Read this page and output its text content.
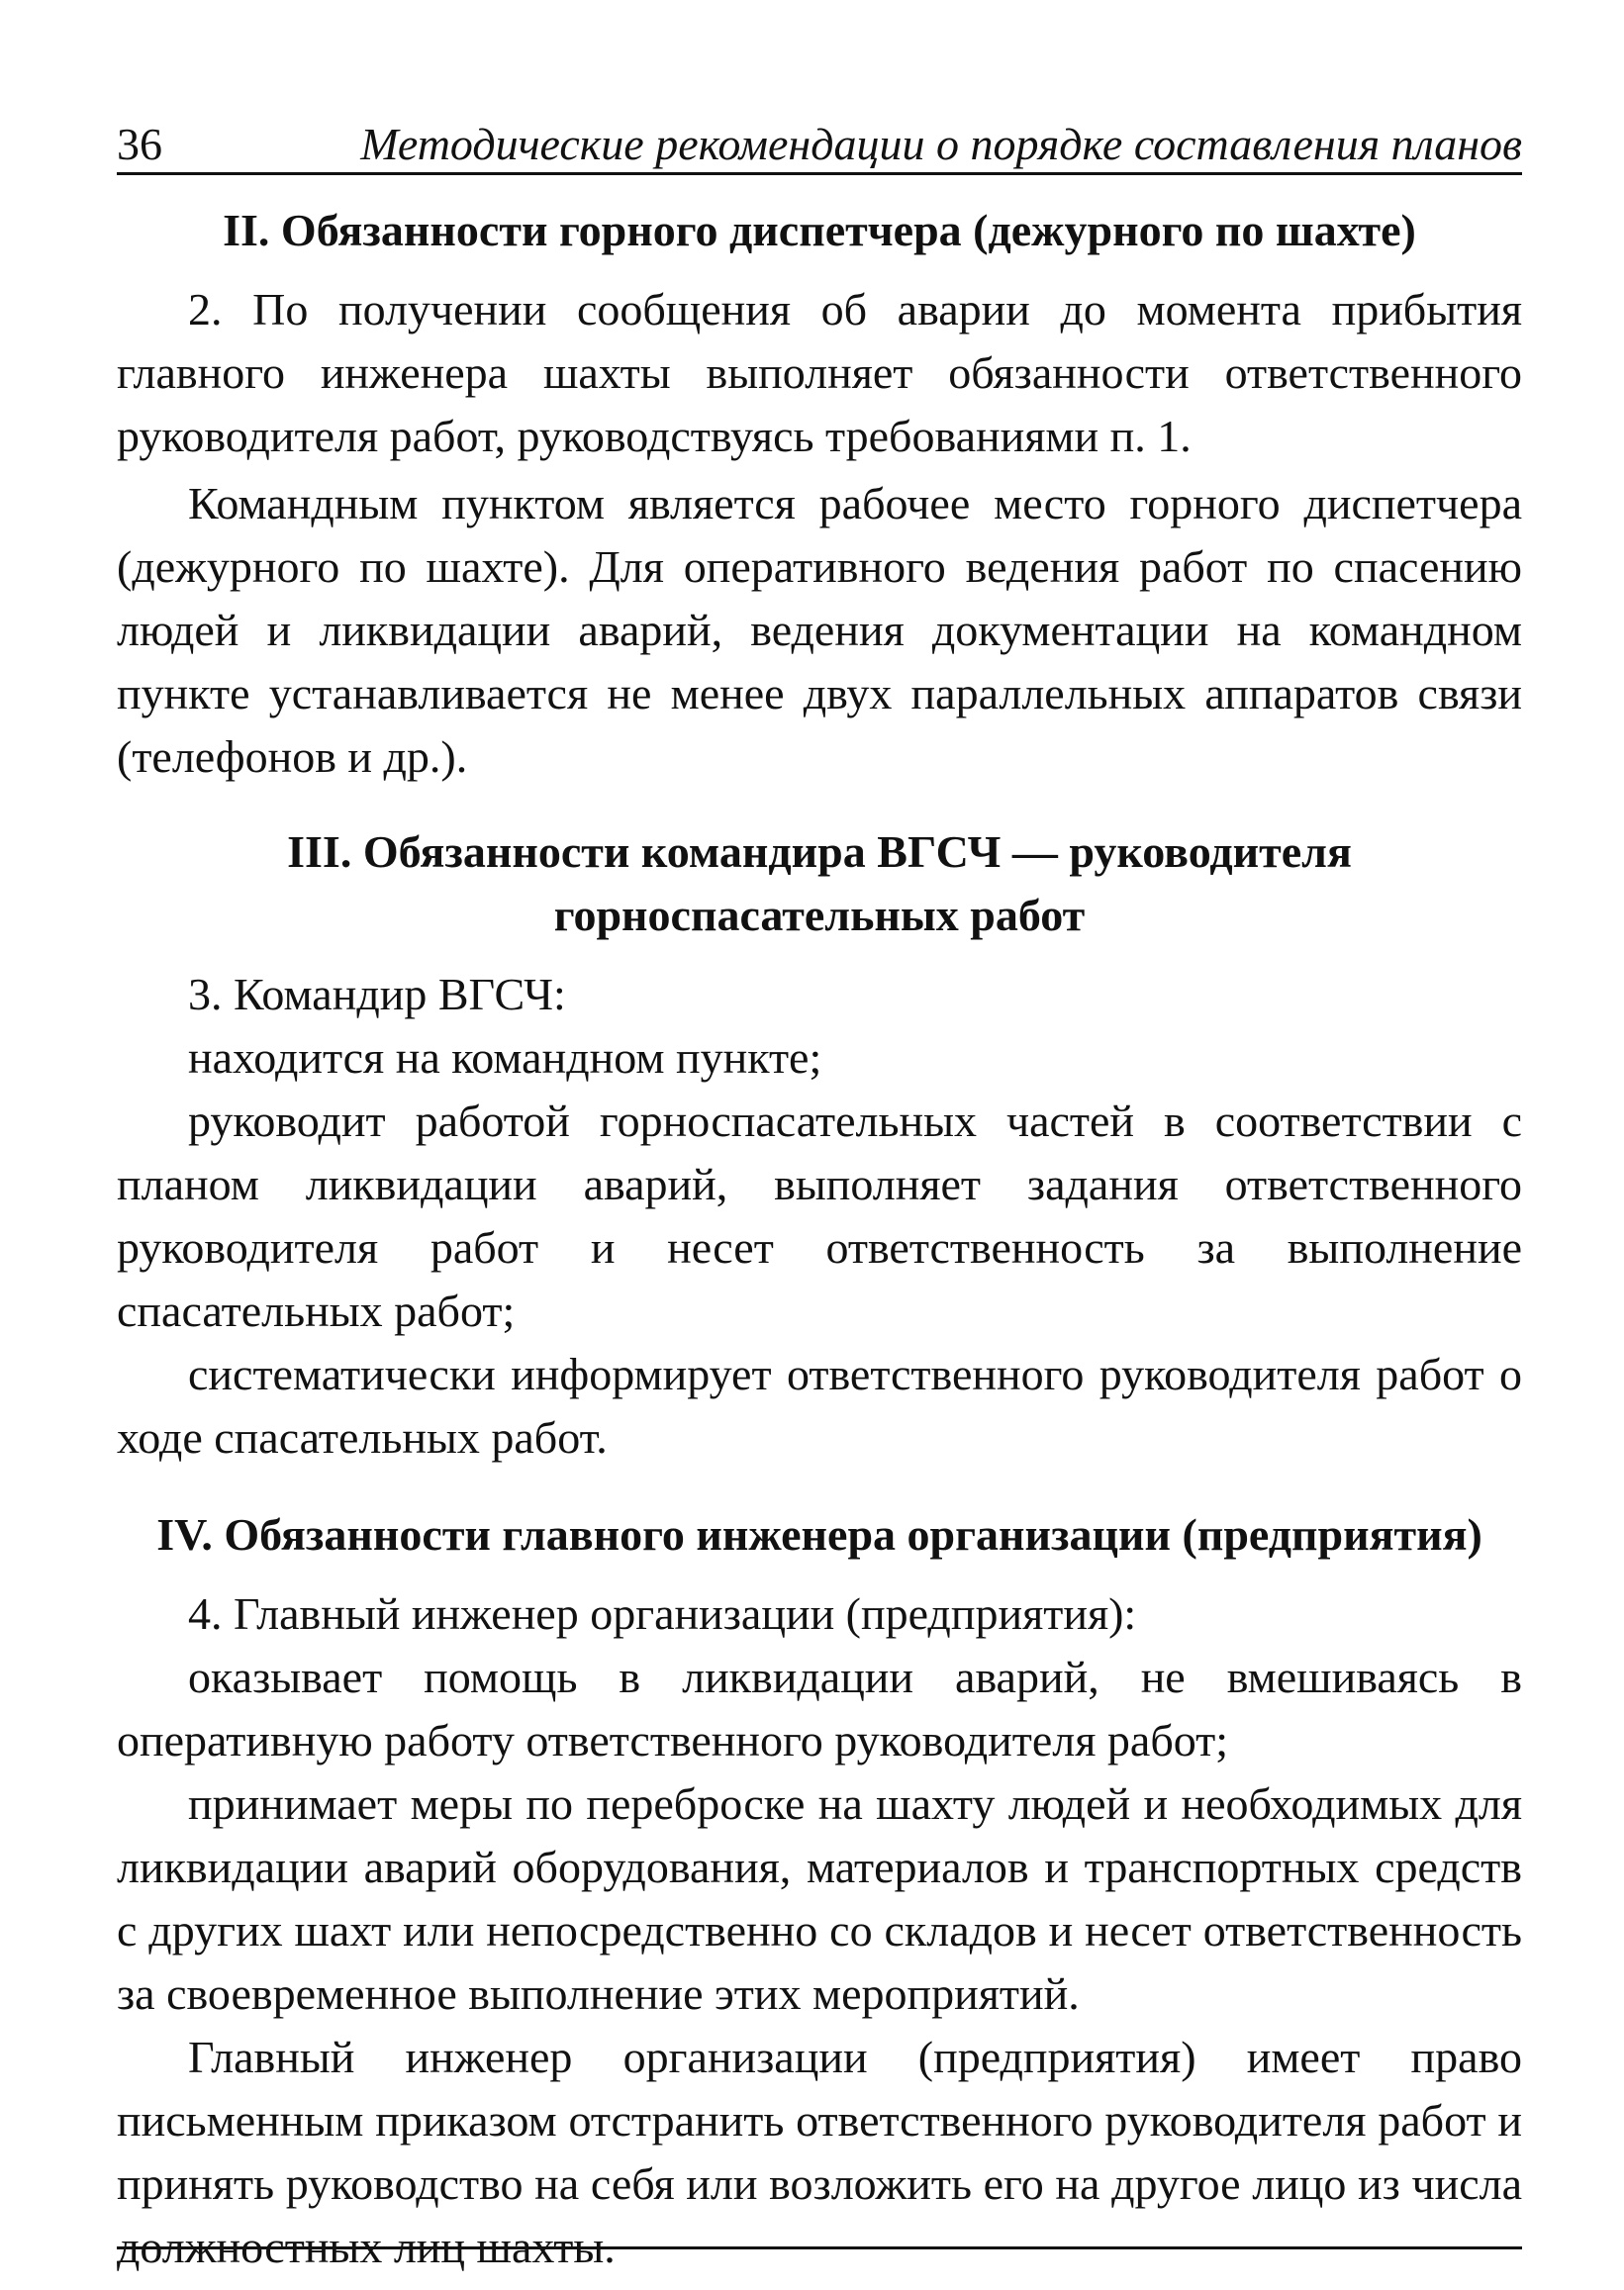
36	Методические рекомендации о порядке составления планов
II. Обязанности горного диспетчера (дежурного по шахте)

2. По получении сообщения об аварии до момента прибытия главного инженера шахты выполняет обязанности ответственного руководителя работ, руководствуясь требованиями п. 1.

Командным пунктом является рабочее место горного диспетчера (дежурного по шахте). Для оперативного ведения работ по спасению людей и ликвидации аварий, ведения документации на командном пункте устанавливается не менее двух параллельных аппаратов связи (телефонов и др.).

III. Обязанности командира ВГСЧ — руководителя
горноспасательных работ

3. Командир ВГСЧ:

находится на командном пункте;

руководит работой горноспасательных частей в соответствии с планом ликвидации аварий, выполняет задания ответственного руководителя работ и несет ответственность за выполнение спасательных работ;

систематически информирует ответственного руководителя работ о ходе спасательных работ.

IV. Обязанности главного инженера организации (предприятия)

4. Главный инженер организации (предприятия):

оказывает помощь в ликвидации аварий, не вмешиваясь в оперативную работу ответственного руководителя работ;

принимает меры по переброске на шахту людей и необходимых для ликвидации аварий оборудования, материалов и транспортных средств с других шахт или непосредственно со складов и несет ответственность за своевременное выполнение этих мероприятий.

Главный инженер организации (предприятия) имеет право письменным приказом отстранить ответственного руководителя работ и принять руководство на себя или возложить его на другое лицо из числа должностных лиц шахты.
